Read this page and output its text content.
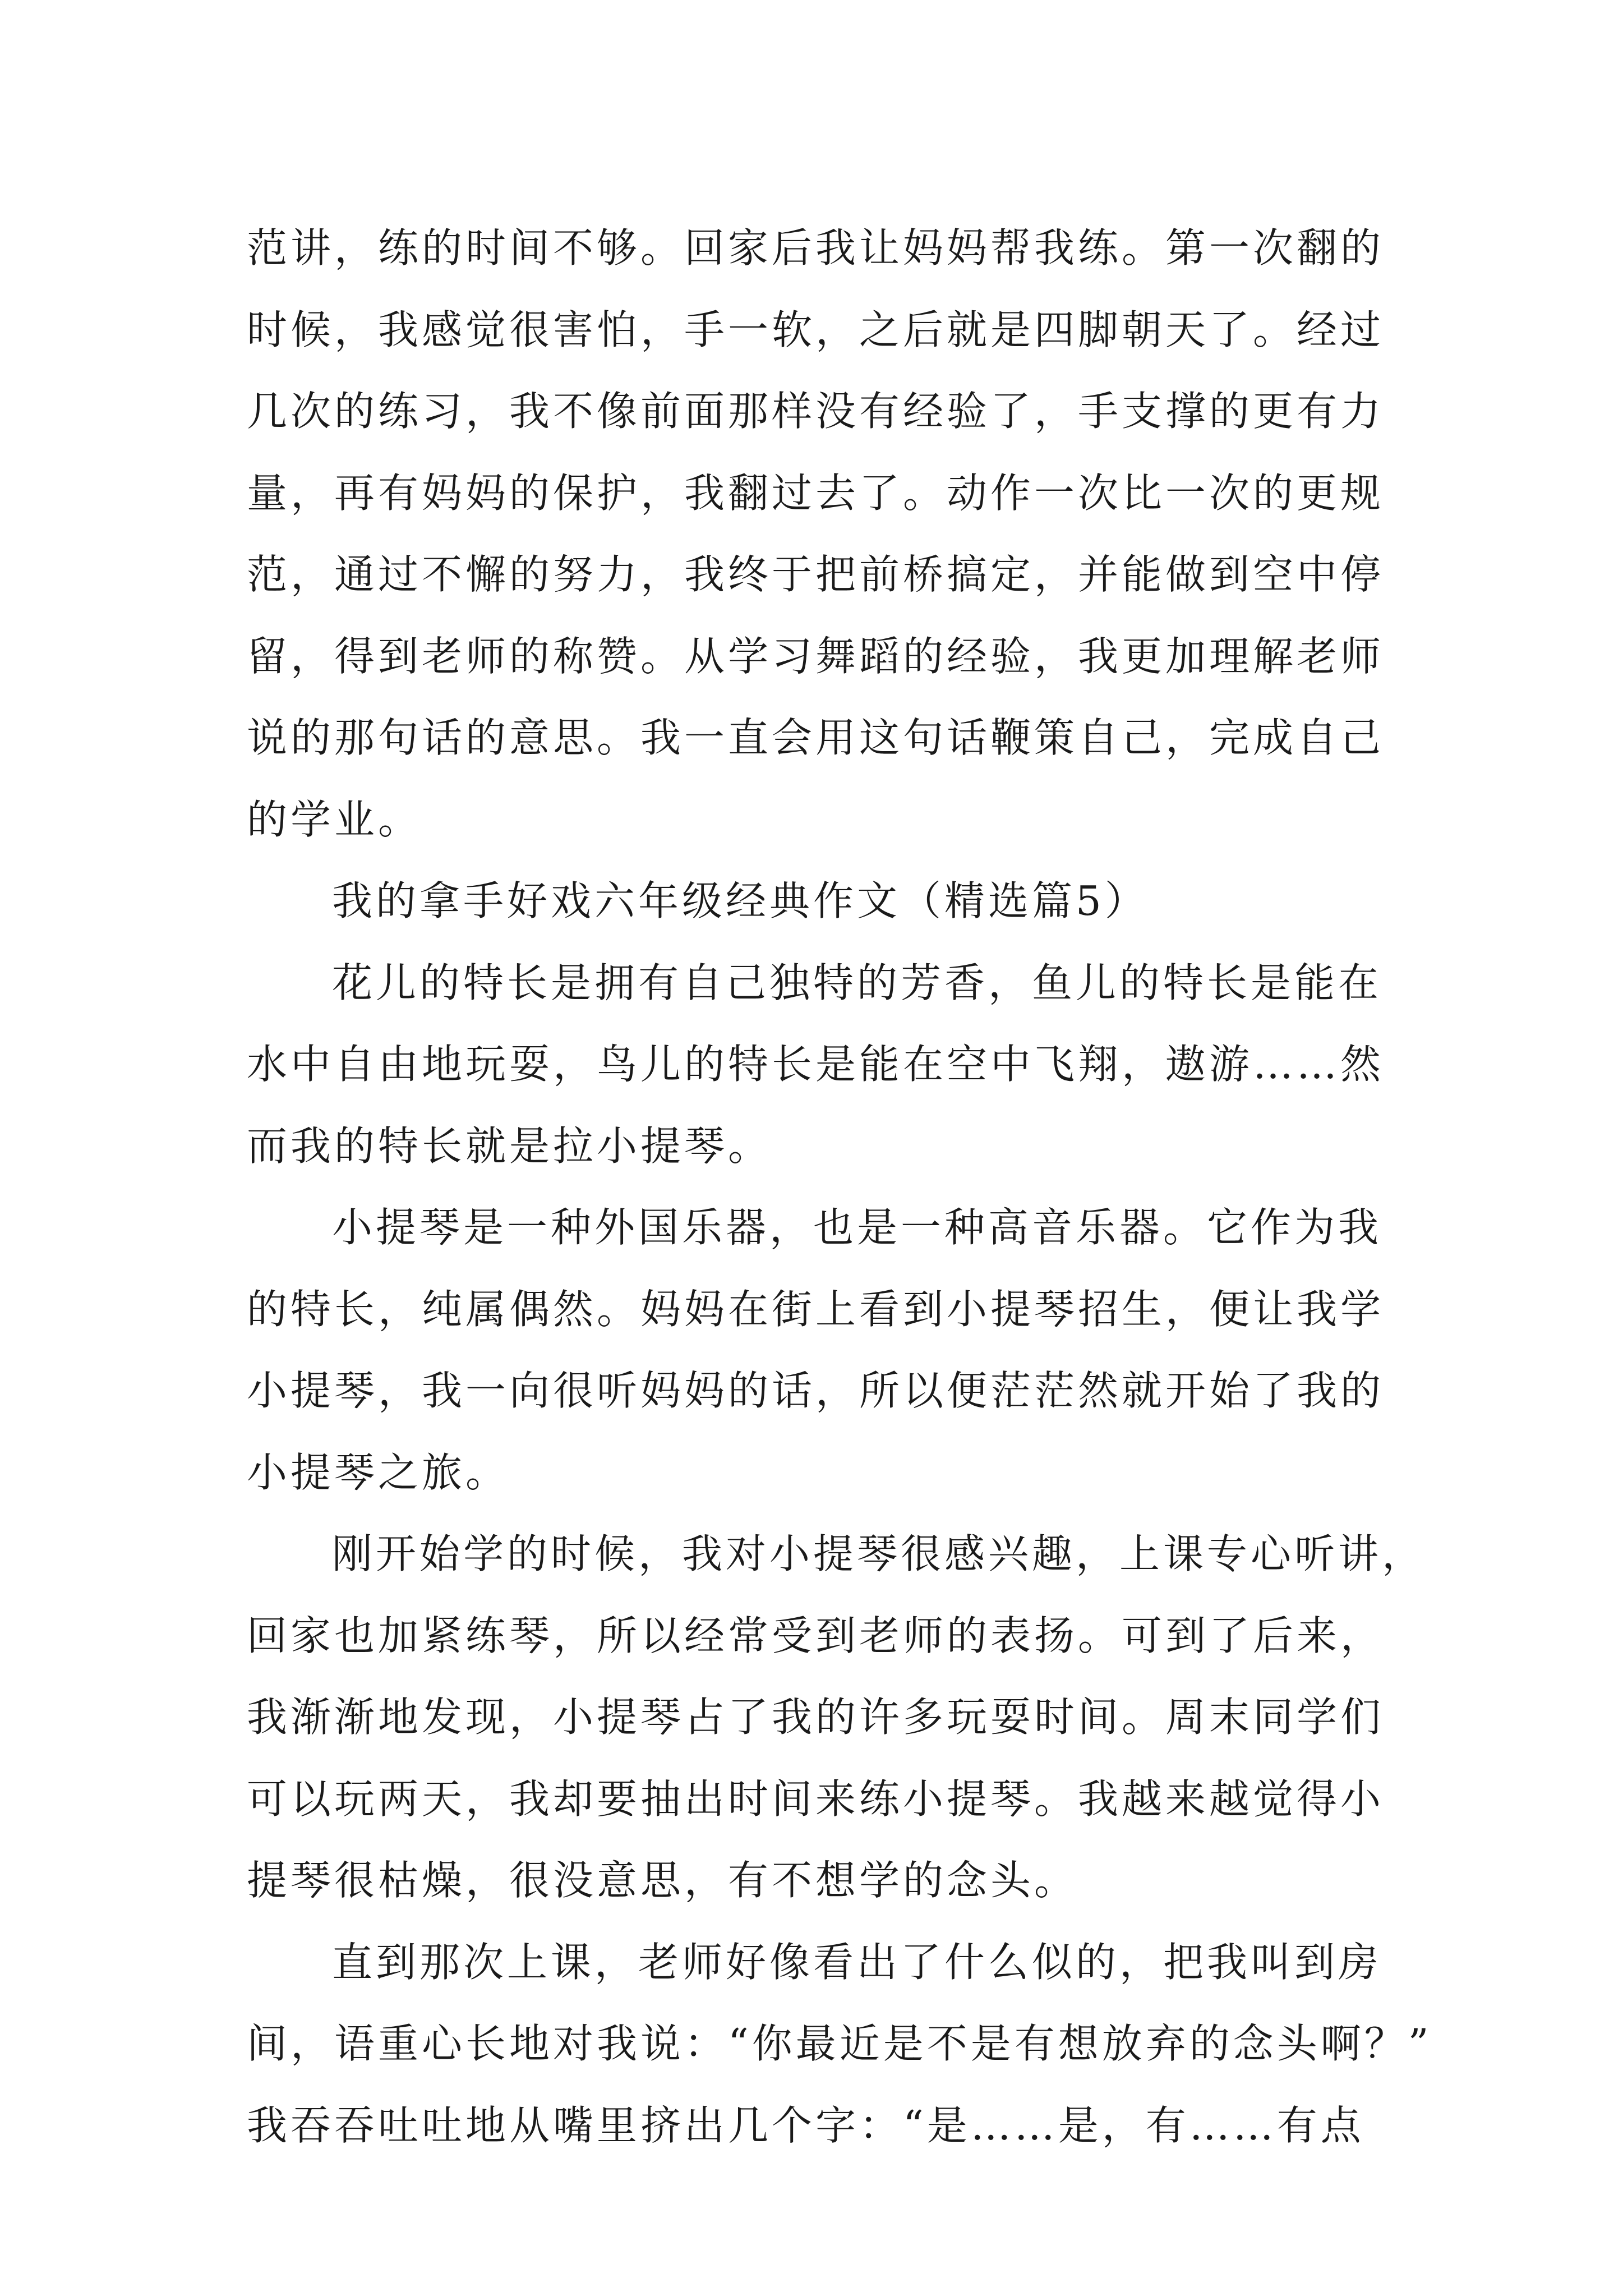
范讲，练的时间不够。回家后我让妈妈帮我练。第一次翻的
时候，我感觉很害怕，手一软，之后就是四脚朝天了。经过
几次的练习，我不像前面那样没有经验了，手支撑的更有力
量，再有妈妈的保护，我翻过去了。动作一次比一次的更规
范，通过不懈的努力，我终于把前桥搞定，并能做到空中停
留，得到老师的称赞。从学习舞蹈的经验，我更加理解老师
说的那句话的意思。我一直会用这句话鞭策自己，完成自己
的学业。
我的拿手好戏六年级经典作文（精选篇5）
花儿的特长是拥有自己独特的芳香，鱼儿的特长是能在
水中自由地玩耍，鸟儿的特长是能在空中飞翔，遨游……然
而我的特长就是拉小提琴。
小提琴是一种外国乐器，也是一种高音乐器。它作为我
的特长，纯属偶然。妈妈在街上看到小提琴招生，便让我学
小提琴，我一向很听妈妈的话，所以便茫茫然就开始了我的
小提琴之旅。
刚开始学的时候，我对小提琴很感兴趣，上课专心听讲，
回家也加紧练琴，所以经常受到老师的表扬。可到了后来，
我渐渐地发现，小提琴占了我的许多玩耍时间。周末同学们
可以玩两天，我却要抽出时间来练小提琴。我越来越觉得小
提琴很枯燥，很没意思，有不想学的念头。
直到那次上课，老师好像看出了什么似的，把我叫到房
间，语重心长地对我说：“你最近是不是有想放弃的念头啊？”
我吞吞吐吐地从嘴里挤出几个字：“是……是，有……有点
